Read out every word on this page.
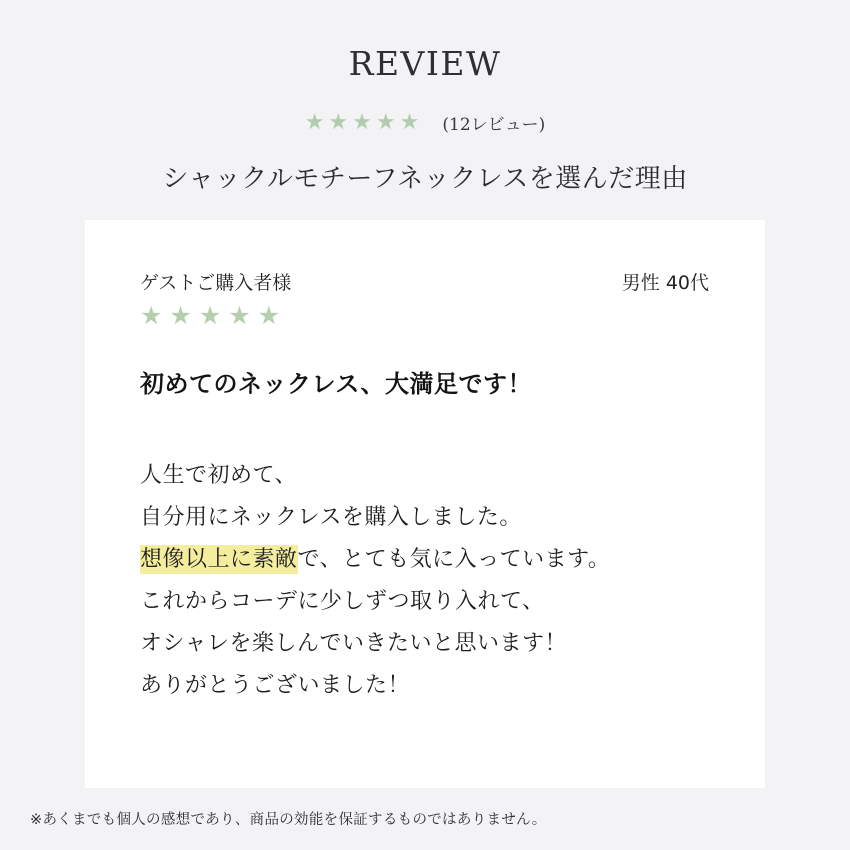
REVIEW
★★★★★ (12レビュー)
シャックルモチーフネックレスを選んだ理由
ゲストご購入者様	男性 40代
★★★★★
初めてのネックレス、大満足です！
人生で初めて、
自分用にネックレスを購入しました。
想像以上に素敵で、とても気に入っています。
これからコーデに少しずつ取り入れて、
オシャレを楽しんでいきたいと思います！
ありがとうございました！
※あくまでも個人の感想であり、商品の効能を保証するものではありません。
